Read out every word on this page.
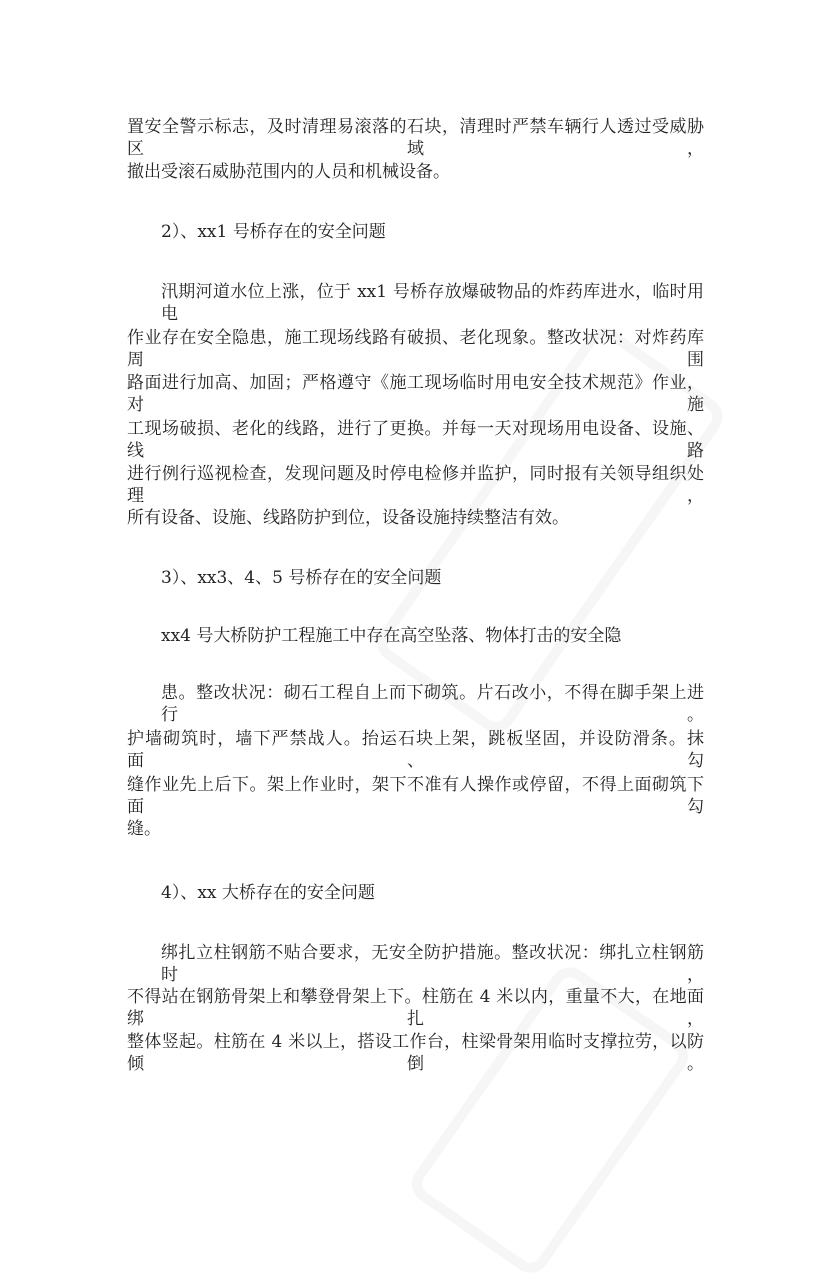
置安全警示标志，及时清理易滚落的石块，清理时严禁车辆行人透过受威胁区域，
撤出受滚石威胁范围内的人员和机械设备。
2）、xx1 号桥存在的安全问题
汛期河道水位上涨，位于 xx1 号桥存放爆破物品的炸药库进水，临时用电
作业存在安全隐患，施工现场线路有破损、老化现象。整改状况：对炸药库周围
路面进行加高、加固；严格遵守《施工现场临时用电安全技术规范》作业，对施
工现场破损、老化的线路，进行了更换。并每一天对现场用电设备、设施、线路
进行例行巡视检查，发现问题及时停电检修并监护，同时报有关领导组织处理，
所有设备、设施、线路防护到位，设备设施持续整洁有效。
3）、xx3、4、5 号桥存在的安全问题
xx4 号大桥防护工程施工中存在高空坠落、物体打击的安全隐
患。整改状况：砌石工程自上而下砌筑。片石改小，不得在脚手架上进行。
护墙砌筑时，墙下严禁战人。抬运石块上架，跳板坚固，并设防滑条。抹面、勾
缝作业先上后下。架上作业时，架下不准有人操作或停留，不得上面砌筑下面勾
缝。
4）、xx 大桥存在的安全问题
绑扎立柱钢筋不贴合要求，无安全防护措施。整改状况：绑扎立柱钢筋时，
不得站在钢筋骨架上和攀登骨架上下。柱筋在 4 米以内，重量不大，在地面绑扎，
整体竖起。柱筋在 4 米以上，搭设工作台，柱梁骨架用临时支撑拉劳，以防倾倒。
